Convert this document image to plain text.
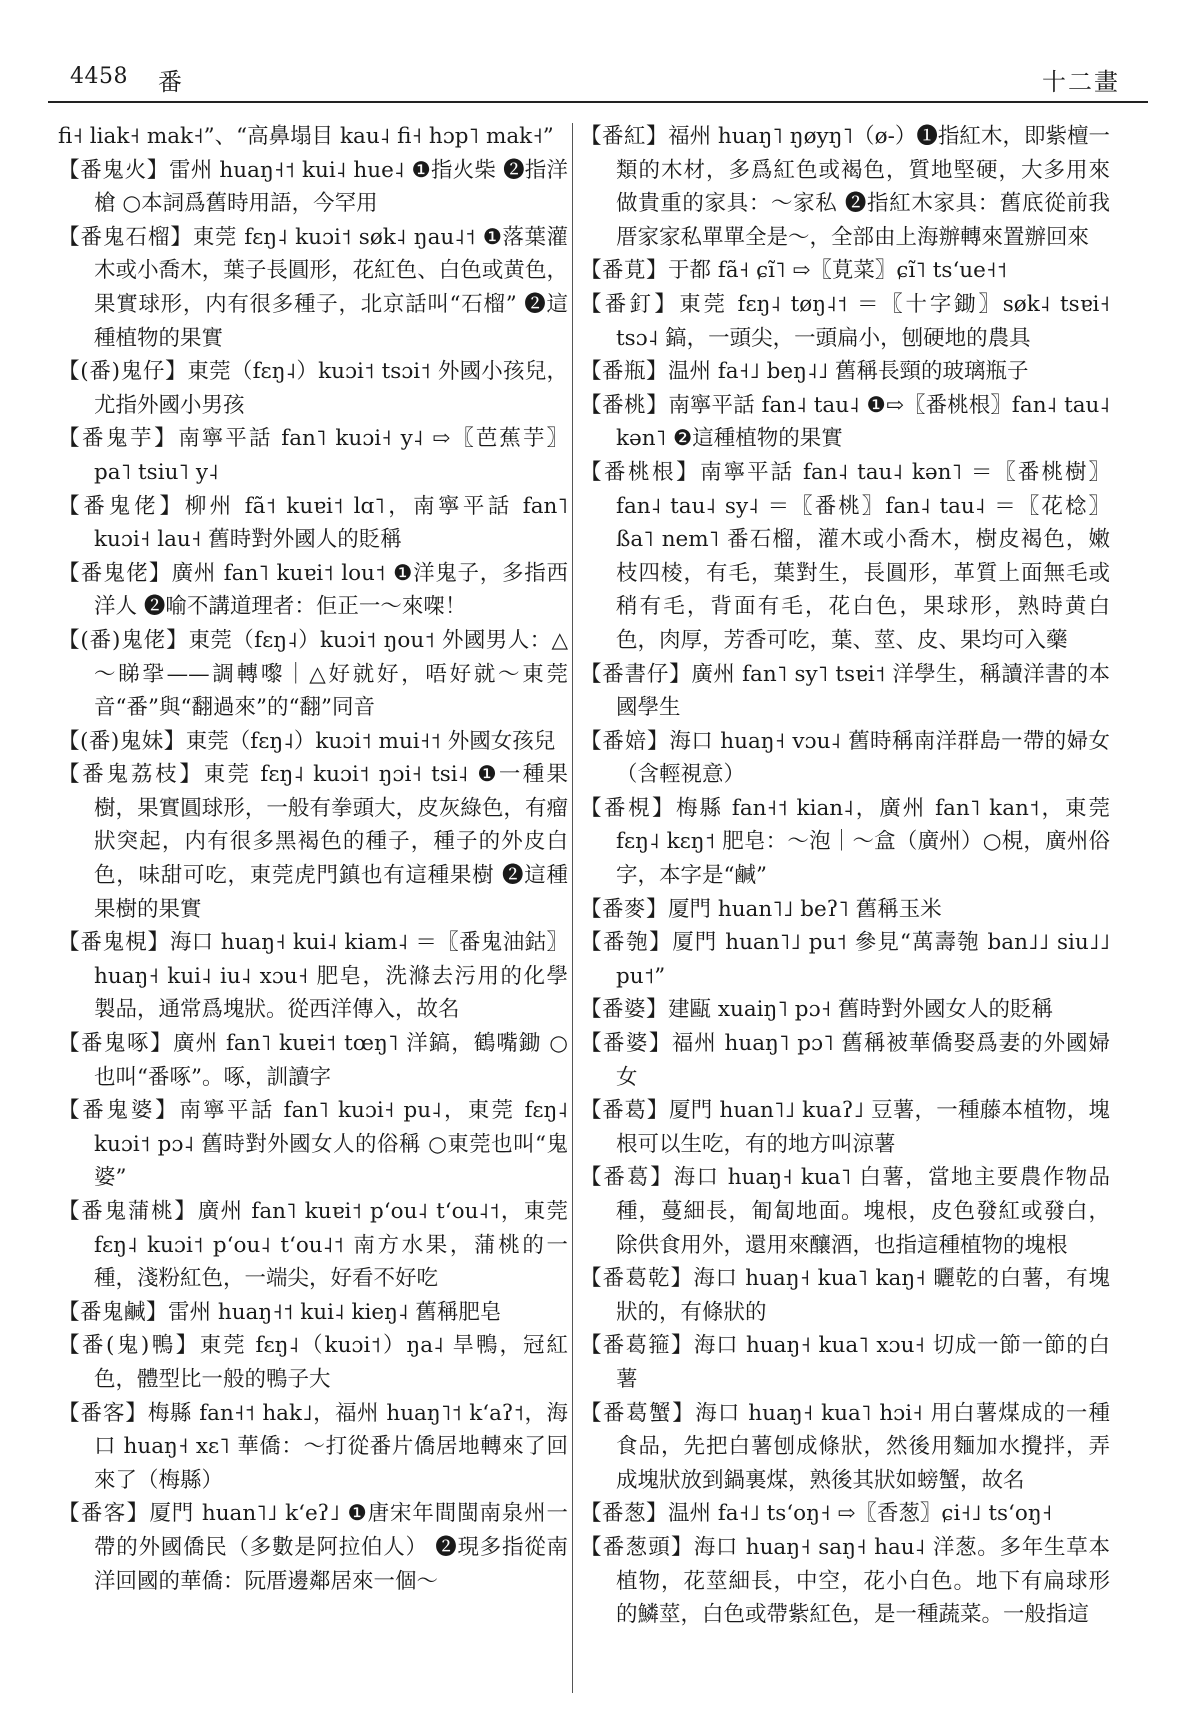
4458 番	十二畫

fi˧ liak˧ mak˧”、“高鼻塌目 kau˨ fi˧ hɔp˥ mak˧”

【番鬼火】雷州 huaŋ˧˦ kui˨ hue˨ ❶指火柴 ❷指洋槍 ○本詞爲舊時用語，今罕用

【番鬼石榴】東莞 fɛŋ˨ kuɔi˦ søk˨ ŋau˨˦ ❶落葉灌木或小喬木，葉子長圓形，花紅色、白色或黄色，果實球形，内有很多種子，北京話叫“石榴” ❷這種植物的果實

【(番)鬼仔】東莞（fɛŋ˨）kuɔi˦ tsɔi˦ 外國小孩兒，尤指外國小男孩

【番鬼芋】南寧平話 fan˥ kuɔi˧ y˨ ⇨〖芭蕉芋〗pa˥ tsiu˥ y˨

【番鬼佬】柳州 fã˦ kuɐi˦ lɑ˥，南寧平話 fan˥ kuɔi˧ lau˧ 舊時對外國人的貶稱

【番鬼佬】廣州 fan˥ kuɐi˦ lou˦ ❶洋鬼子，多指西洋人 ❷喻不講道理者：佢正一～來㗎！

【(番)鬼佬】東莞（fɛŋ˨）kuɔi˦ ŋou˦ 外國男人：△～睇㧬——調轉嚟｜△好就好，唔好就～東莞音“番”與“翻過來”的“翻”同音

【(番)鬼妹】東莞（fɛŋ˨）kuɔi˦ mui˧˦ 外國女孩兒

【番鬼荔枝】東莞 fɛŋ˨ kuɔi˦ ŋɔi˧ tsi˨ ❶一種果樹，果實圓球形，一般有拳頭大，皮灰綠色，有瘤狀突起，内有很多黑褐色的種子，種子的外皮白色，味甜可吃，東莞虎門鎮也有這種果樹 ❷這種果樹的果實

【番鬼梘】海口 huaŋ˧ kui˨ kiam˨ ＝〖番鬼油鈷〗huaŋ˧ kui˨ iu˨ xɔu˧ 肥皂，洗滌去污用的化學製品，通常爲塊狀。從西洋傳入，故名

【番鬼啄】廣州 fan˥ kuɐi˦ tœŋ˥ 洋鎬，鶴嘴鋤 ○也叫“番啄”。啄，訓讀字

【番鬼婆】南寧平話 fan˥ kuɔi˧ pu˨，東莞 fɛŋ˨ kuɔi˦ pɔ˨ 舊時對外國女人的俗稱 ○東莞也叫“鬼婆”

【番鬼蒲桃】廣州 fan˥ kuɐi˦ pʻou˨ tʻou˨˦，東莞 fɛŋ˨ kuɔi˦ pʻou˨ tʻou˨˦ 南方水果，蒲桃的一種，淺粉紅色，一端尖，好看不好吃

【番鬼鹹】雷州 huaŋ˧˦ kui˨ kieŋ˨ 舊稱肥皂

【番(鬼)鴨】東莞 fɛŋ˨（kuɔi˦）ŋa˨ 旱鴨，冠紅色，體型比一般的鴨子大

【番客】梅縣 fan˧˦ hak˩，福州 huaŋ˥˦ kʻaʔ˦，海口 huaŋ˧ xɛ˥ 華僑：～打從番片僑居地轉來了回來了（梅縣）

【番客】厦門 huan˥˩ kʻeʔ˩ ❶唐宋年間閩南泉州一帶的外國僑民（多數是阿拉伯人） ❷現多指從南洋回國的華僑：阮厝邊鄰居來一個～

【番紅】福州 huaŋ˥ ŋøyŋ˥（ø-）❶指紅木，即紫檀一類的木材，多爲紅色或褐色，質地堅硬，大多用來做貴重的家具：～家私 ❷指紅木家具：舊底從前我厝家家私單單全是～，全部由上海辦轉來置辦回來

【番莧】于都 fã˧ ɕĩ˥ ⇨〖莧菜〗ɕĩ˥ tsʻue˧˦

【番釘】東莞 fɛŋ˨ tøŋ˨˦ ＝〖十字鋤〗søk˨ tsɐi˧ tsɔ˨ 鎬，一頭尖，一頭扁小，刨硬地的農具

【番瓶】温州 fa˧˩ beŋ˨˩ 舊稱長頸的玻璃瓶子

【番桃】南寧平話 fan˨ tau˨ ❶⇨〖番桃根〗fan˨ tau˨ kən˥ ❷這種植物的果實

【番桃根】南寧平話 fan˨ tau˨ kən˥ ＝〖番桃樹〗fan˨ tau˨ sy˨ ＝〖番桃〗fan˨ tau˨ ＝〖花棯〗ßa˥ nem˥ 番石榴，灌木或小喬木，樹皮褐色，嫩枝四棱，有毛，葉對生，長圓形，革質上面無毛或稍有毛，背面有毛，花白色，果球形，熟時黄白色，肉厚，芳香可吃，葉、莖、皮、果均可入藥

【番書仔】廣州 fan˥ sy˥ tsɐi˦ 洋學生，稱讀洋書的本國學生

【番婄】海口 huaŋ˧ vɔu˨ 舊時稱南洋群島一帶的婦女（含輕視意）

【番梘】梅縣 fan˧˦ kian˨，廣州 fan˥ kan˦，東莞 fɛŋ˨ kɛŋ˦ 肥皂：～泡｜～盒（廣州）○梘，廣州俗字，本字是“鹹”

【番麥】厦門 huan˥˩ beʔ˥ 舊稱玉米

【番匏】厦門 huan˥˩ pu˦ 參見“萬壽匏 ban˩˩ siu˩˩ pu˦”

【番婆】建甌 xuaiŋ˥ pɔ˧ 舊時對外國女人的貶稱

【番婆】福州 huaŋ˥ pɔ˥ 舊稱被華僑娶爲妻的外國婦女

【番葛】厦門 huan˥˩ kuaʔ˩ 豆薯，一種藤本植物，塊根可以生吃，有的地方叫涼薯

【番葛】海口 huaŋ˧ kua˥ 白薯，當地主要農作物品種，蔓細長，匍匐地面。塊根，皮色發紅或發白，除供食用外，還用來釀酒，也指這種植物的塊根

【番葛乾】海口 huaŋ˧ kua˥ kaŋ˧ 曬乾的白薯，有塊狀的，有條狀的

【番葛箍】海口 huaŋ˧ kua˥ xɔu˧ 切成一節一節的白薯

【番葛蟹】海口 huaŋ˧ kua˥ hɔi˧ 用白薯煤成的一種食品，先把白薯刨成條狀，然後用麵加水攪拌，弄成塊狀放到鍋裏煤，熟後其狀如螃蟹，故名

【番葱】温州 fa˧˩ tsʻoŋ˧ ⇨〖香葱〗ɕi˧˩ tsʻoŋ˧

【番葱頭】海口 huaŋ˧ saŋ˧ hau˨ 洋葱。多年生草本植物，花莖細長，中空，花小白色。地下有扁球形的鱗莖，白色或帶紫紅色，是一種蔬菜。一般指這
